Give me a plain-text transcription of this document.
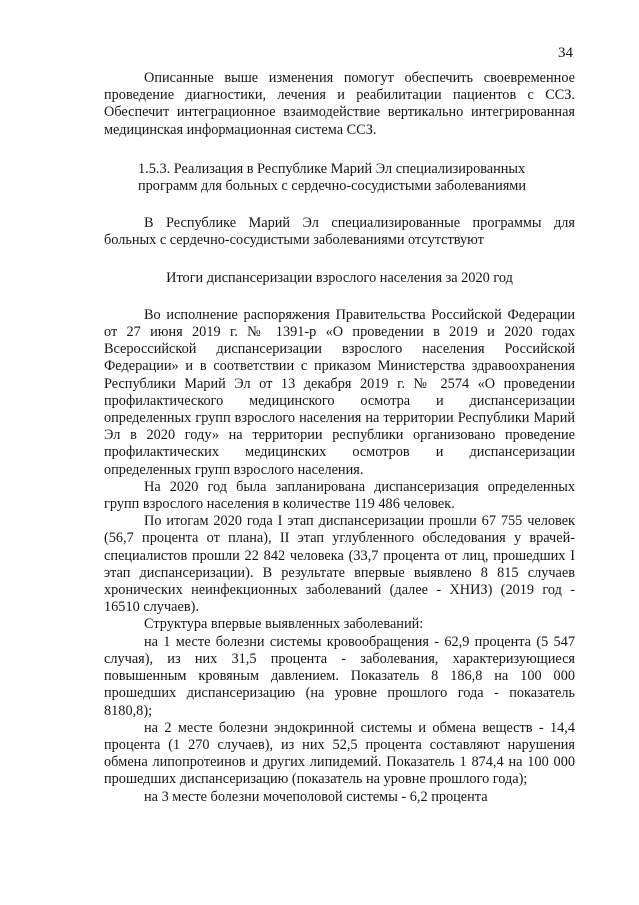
34

Описанные выше изменения помогут обеспечить своевременное проведение диагностики, лечения и реабилитации пациентов с ССЗ. Обеспечит интеграционное взаимодействие вертикально интегрированная медицинская информационная система ССЗ.

1.5.3. Реализация в Республике Марий Эл специализированных программ для больных с сердечно-сосудистыми заболеваниями

В Республике Марий Эл специализированные программы для больных с сердечно-сосудистыми заболеваниями отсутствуют

Итоги диспансеризации взрослого населения за 2020 год

Во исполнение распоряжения Правительства Российской Федерации от 27 июня 2019 г. № 1391-р «О проведении в 2019 и 2020 годах Всероссийской диспансеризации взрослого населения Российской Федерации» и в соответствии с приказом Министерства здравоохранения Республики Марий Эл от 13 декабря 2019 г. № 2574 «О проведении профилактического медицинского осмотра и диспансеризации определенных групп взрослого населения на территории Республики Марий Эл в 2020 году» на территории республики организовано проведение профилактических медицинских осмотров и диспансеризации определенных групп взрослого населения.

На 2020 год была запланирована диспансеризация определенных групп взрослого населения в количестве 119 486 человек.

По итогам 2020 года I этап диспансеризации прошли 67 755 человек (56,7 процента от плана), II этап углубленного обследования у врачей-специалистов прошли 22 842 человека (33,7 процента от лиц, прошедших I этап диспансеризации). В результате впервые выявлено 8 815 случаев хронических неинфекционных заболеваний (далее - ХНИЗ) (2019 год - 16510 случаев).

Структура впервые выявленных заболеваний:

на 1 месте болезни системы кровообращения - 62,9 процента (5 547 случая), из них 31,5 процента - заболевания, характеризующиеся повышенным кровяным давлением. Показатель 8 186,8 на 100 000 прошедших диспансеризацию (на уровне прошлого года - показатель 8180,8);

на 2 месте болезни эндокринной системы и обмена веществ - 14,4 процента (1 270 случаев), из них 52,5 процента составляют нарушения обмена липопротеинов и других липидемий. Показатель 1 874,4 на 100 000 прошедших диспансеризацию (показатель на уровне прошлого года);

на 3 месте болезни мочеполовой системы - 6,2 процента
